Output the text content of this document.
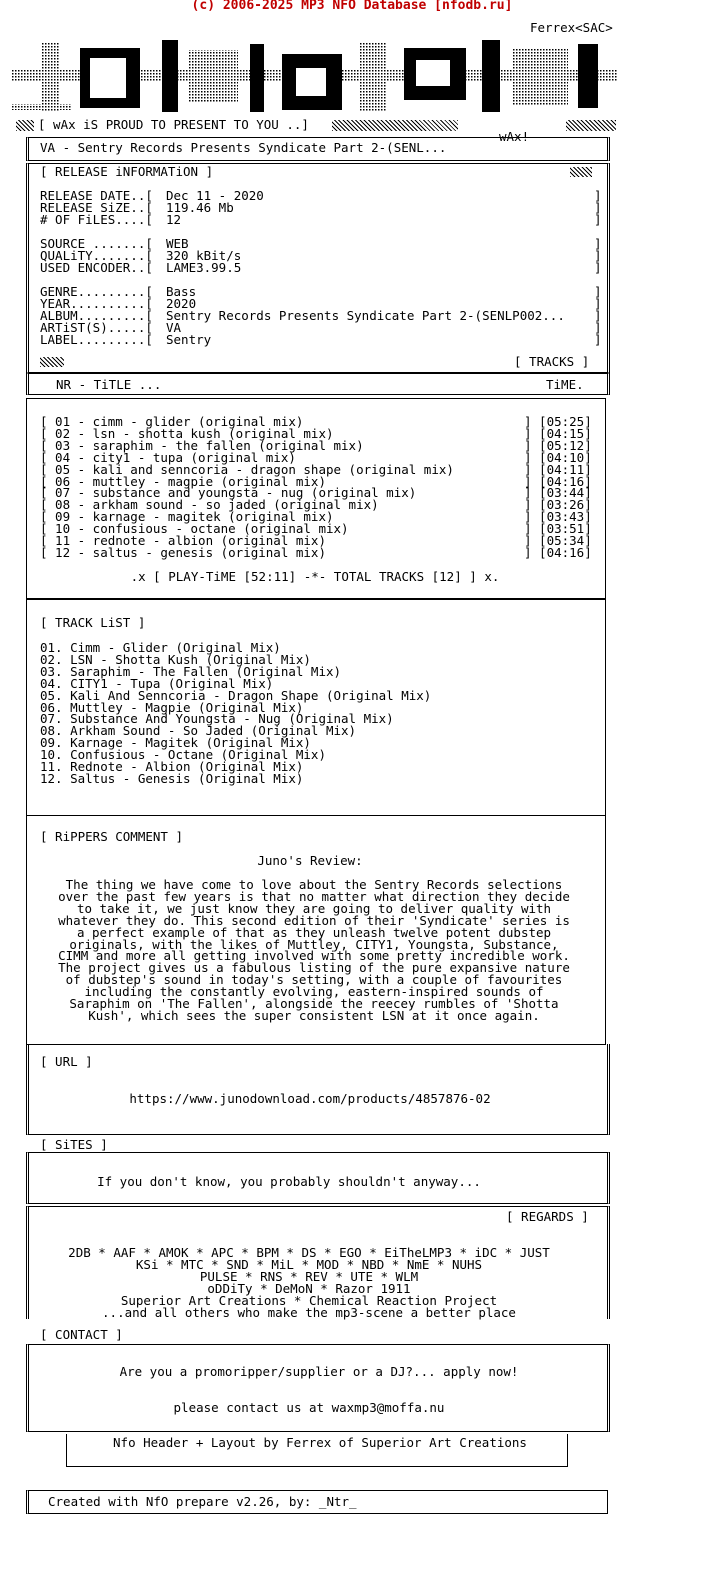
(c) 2006-2025 MP3 NFO Database [nfodb.ru]
Ferrex<SAC>
[ wAx iS PROUD TO PRESENT TO YOU ..]
wAx!
VA - Sentry Records Presents Syndicate Part 2-(SENL...
[ RELEASE iNFORMATiON ]
[ TRACKS ]
NR - TiTLE ...	TiME.
.x [ PLAY-TiME [52:11] -*- TOTAL TRACKS [12] ] x.
[ TRACK LiST ]
[ RiPPERS COMMENT ]
Juno's Review:
[ URL ]
https://www.junodownload.com/products/4857876-02
[ SiTES ]
If you don't know, you probably shouldn't anyway...
[ REGARDS ]
[ CONTACT ]
Are you a promoripper/supplier or a DJ?... apply now!
please contact us at waxmp3@moffa.nu
Nfo Header + Layout by Ferrex of Superior Art Creations
Created with NfO prepare v2.26, by: _Ntr_
RELEASE DATE..[ Dec 11 - 2020	]
RELEASE SiZE..[ 119.46 Mb	]
# OF FiLES....[ 12	]
SOURCE .......[ WEB	]
QUALiTY.......[ 320 kBit/s	]
USED ENCODER..[ LAME3.99.5	]
GENRE.........[ Bass	]
YEAR..........[ 2020	]
ALBUM.........[ Sentry Records Presents Syndicate Part 2-(SENLP002... ]
ARTiST(S).....[ VA	]
LABEL.........[ Sentry	]
[ 01 - cimm - glider (original mix)	] [05:25]
[ 02 - lsn - shotta kush (original mix)	] [04:15]
[ 03 - saraphim - the fallen (original mix)	] [05:12]
[ 04 - city1 - tupa (original mix)	] [04:10]
[ 05 - kali and senncoria - dragon shape (original mix)	] [04:11]
[ 06 - muttley - magpie (original mix)	] [04:16]
[ 07 - substance and youngsta - nug (original mix)	] [03:44]
[ 08 - arkham sound - so jaded (original mix)	] [03:26]
[ 09 - karnage - magitek (original mix)	] [03:43]
[ 10 - confusious - octane (original mix)	] [03:51]
[ 11 - rednote - albion (original mix)	] [05:34]
[ 12 - saltus - genesis (original mix)	] [04:16]
01. Cimm - Glider (Original Mix)
02. LSN - Shotta Kush (Original Mix)
03. Saraphim - The Fallen (Original Mix)
04. CITY1 - Tupa (Original Mix)
05. Kali And Senncoria - Dragon Shape (Original Mix)
06. Muttley - Magpie (Original Mix)
07. Substance And Youngsta - Nug (Original Mix)
08. Arkham Sound - So Jaded (Original Mix)
09. Karnage - Magitek (Original Mix)
10. Confusious - Octane (Original Mix)
11. Rednote - Albion (Original Mix)
12. Saltus - Genesis (Original Mix)
The thing we have come to love about the Sentry Records selections
over the past few years is that no matter what direction they decide
to take it, we just know they are going to deliver quality with
whatever they do. This second edition of their 'Syndicate' series is
a perfect example of that as they unleash twelve potent dubstep
originals, with the likes of Muttley, CITY1, Youngsta, Substance,
CIMM and more all getting involved with some pretty incredible work.
The project gives us a fabulous listing of the pure expansive nature
of dubstep's sound in today's setting, with a couple of favourites
including the constantly evolving, eastern-inspired sounds of
Saraphim on 'The Fallen', alongside the reecey rumbles of 'Shotta
Kush', which sees the super consistent LSN at it once again.
2DB * AAF * AMOK * APC * BPM * DS * EGO * EiTheLMP3 * iDC * JUST
KSi * MTC * SND * MiL * MOD * NBD * NmE * NUHS
PULSE * RNS * REV * UTE * WLM
oDDiTy * DeMoN * Razor 1911
Superior Art Creations * Chemical Reaction Project
...and all others who make the mp3-scene a better place
